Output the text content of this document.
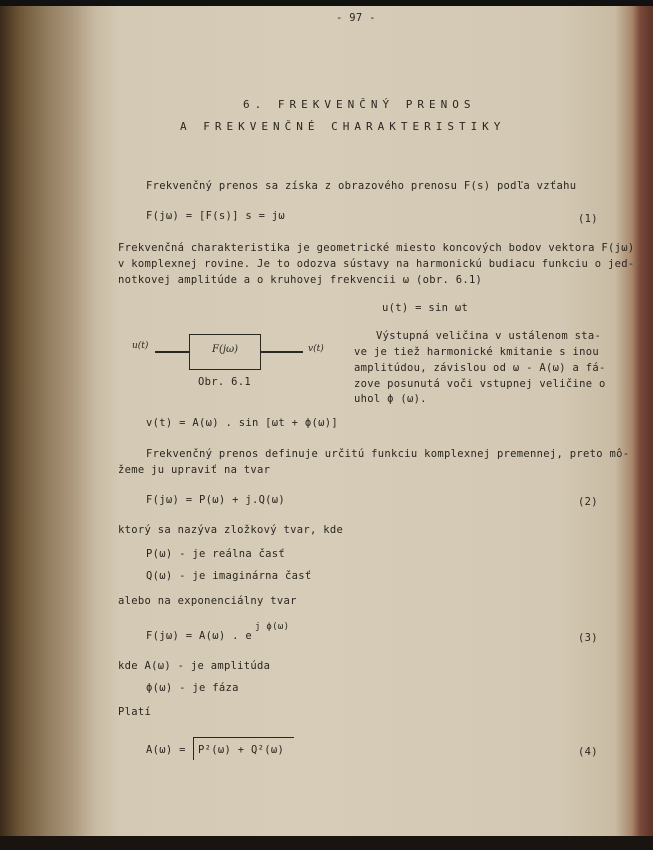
- 97 -
6. FREKVENČNÝ PRENOS
A FREKVENČNÉ CHARAKTERISTIKY
Frekvenčný prenos sa získa z obrazového prenosu F(s) podľa vzťahu
F(jω) = [F(s)] s = jω	(1)
Frekvenčná charakteristika je geometrické miesto koncových bodov vektora F(jω)
v komplexnej rovine. Je to odozva sústavy na harmonickú budiacu funkciu o jed-
notkovej amplitúde a o kruhovej frekvencii ω (obr. 6.1)
u(t) = sin ωt
u(t)	F(jω)	v(t)
Obr. 6.1
Výstupná veličina v ustálenom sta-
ve je tiež harmonické kmitanie s inou
amplitúdou, závislou od ω - A(ω) a fá-
zove posunutá voči vstupnej veličine o
uhol ϕ (ω).
v(t) = A(ω) . sin [ωt + ϕ(ω)]
Frekvenčný prenos definuje určitú funkciu komplexnej premennej, preto mô-
žeme ju upraviť na tvar
F(jω) = P(ω) + j.Q(ω)	(2)
ktorý sa nazýva zložkový tvar, kde
P(ω) - je reálna časť
Q(ω) - je imaginárna časť
alebo na exponenciálny tvar
F(jω) = A(ω) . e
j ϕ(ω)
(3)
kde A(ω) - je amplitúda
ϕ(ω) - je fáza
Platí
A(ω) = P²(ω) + Q²(ω)	(4)
